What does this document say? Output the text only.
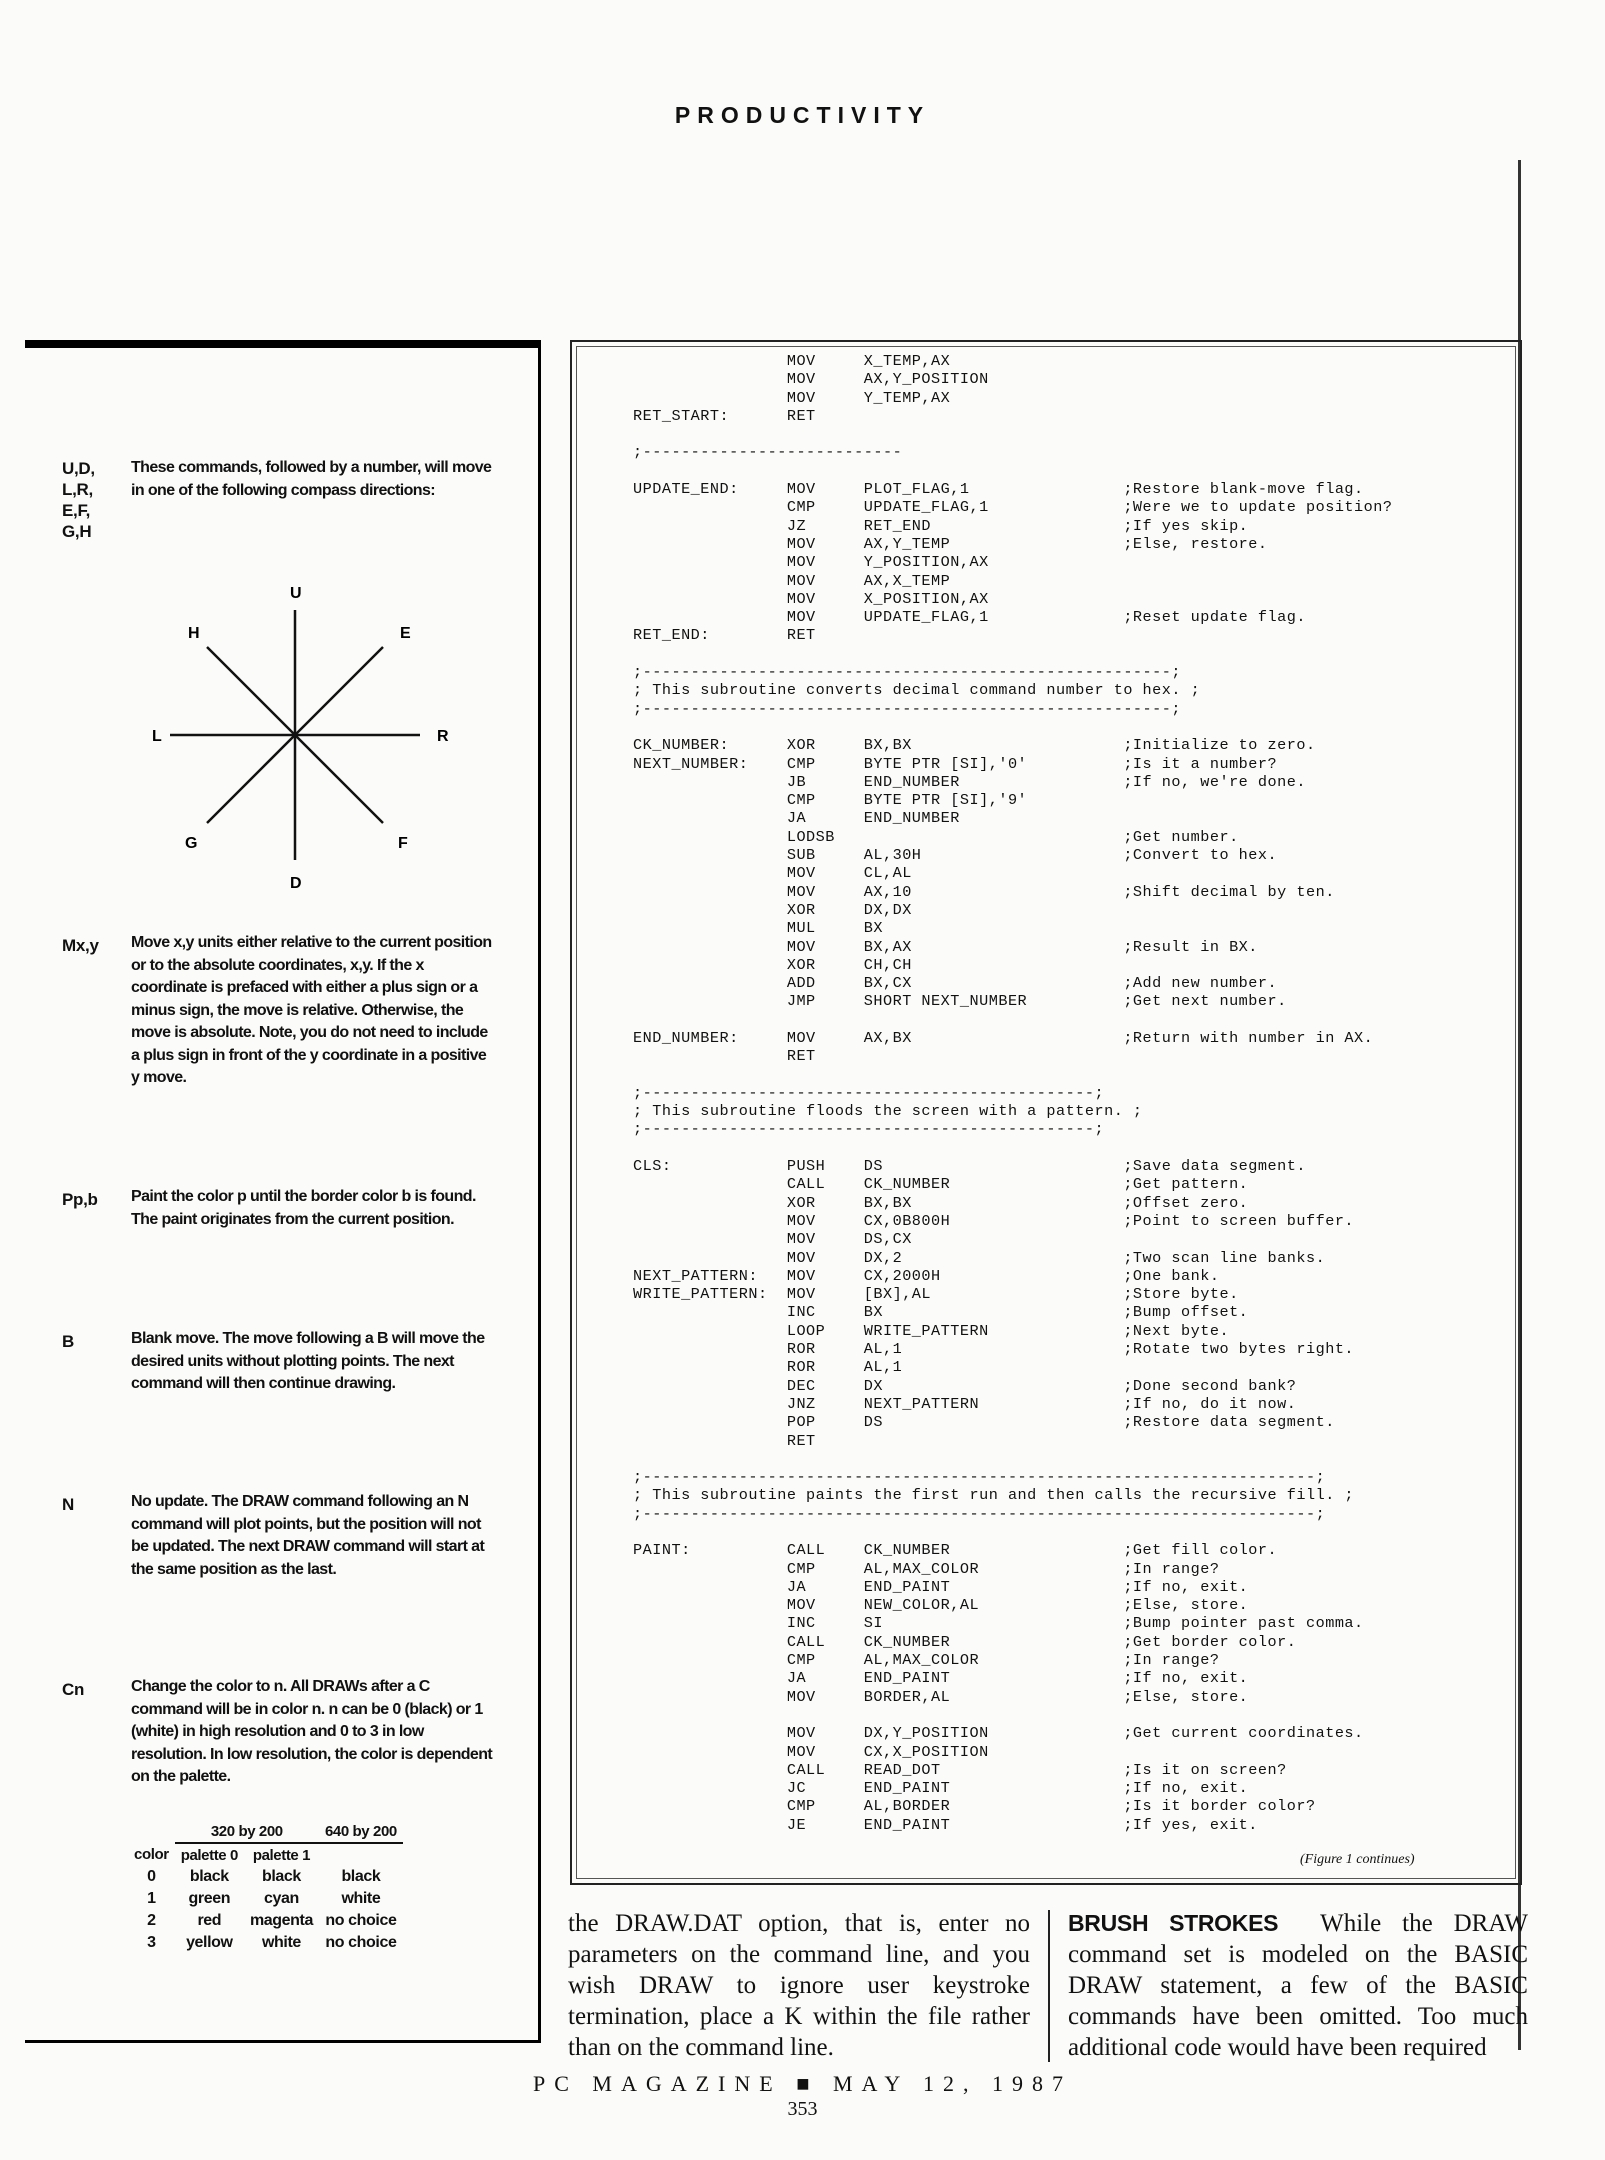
PRODUCTIVITY
U,D,
L,R,
E,F,
G,H
These commands, followed by a number, will move in one of the following compass directions:
U
E
R
F
D
G
L
H
Mx,y	Move x,y units either relative to the current position or to the absolute coordinates, x,y. If the x coordinate is prefaced with either a plus sign or a minus sign, the move is relative. Otherwise, the move is absolute. Note, you do not need to include a plus sign in front of the y coordinate in a positive y move.
Pp,b	Paint the color p until the border color b is found. The paint originates from the current position.
B	Blank move. The move following a B will move the desired units without plotting points. The next command will then continue drawing.
N	No update. The DRAW command following an N command will plot points, but the position will not be updated. The next DRAW command will start at the same position as the last.
Cn	Change the color to n. All DRAWs after a C command will be in color n. n can be 0 (black) or 1 (white) in high resolution and 0 to 3 in low resolution. In low resolution, the color is dependent on the palette.
	320 by 200		640 by 200
color	palette 0	palette 1	
0	black	black	black
1	green	cyan	white
2	red	magenta	no choice
3	yellow	white	no choice
MOV     X_TEMP,AX
MOV     AX,Y_POSITION
MOV     Y_TEMP,AX
RET_START:      RET

;---------------------------

UPDATE_END:     MOV     PLOT_FLAG,1                ;Restore blank-move flag.
CMP     UPDATE_FLAG,1              ;Were we to update position?
JZ      RET_END                    ;If yes skip.
MOV     AX,Y_TEMP                  ;Else, restore.
MOV     Y_POSITION,AX
MOV     AX,X_TEMP
MOV     X_POSITION,AX
MOV     UPDATE_FLAG,1              ;Reset update flag.
RET_END:        RET

;-------------------------------------------------------;
; This subroutine converts decimal command number to hex. ;
;-------------------------------------------------------;

CK_NUMBER:      XOR     BX,BX                      ;Initialize to zero.
NEXT_NUMBER:    CMP     BYTE PTR [SI],'0'          ;Is it a number?
JB      END_NUMBER                 ;If no, we're done.
CMP     BYTE PTR [SI],'9'
JA      END_NUMBER
LODSB                              ;Get number.
SUB     AL,30H                     ;Convert to hex.
MOV     CL,AL
MOV     AX,10                      ;Shift decimal by ten.
XOR     DX,DX
MUL     BX
MOV     BX,AX                      ;Result in BX.
XOR     CH,CH
ADD     BX,CX                      ;Add new number.
JMP     SHORT NEXT_NUMBER          ;Get next number.

END_NUMBER:     MOV     AX,BX                      ;Return with number in AX.
RET

;-----------------------------------------------;
; This subroutine floods the screen with a pattern. ;
;-----------------------------------------------;

CLS:            PUSH    DS                         ;Save data segment.
CALL    CK_NUMBER                  ;Get pattern.
XOR     BX,BX                      ;Offset zero.
MOV     CX,0B800H                  ;Point to screen buffer.
MOV     DS,CX
MOV     DX,2                       ;Two scan line banks.
NEXT_PATTERN:   MOV     CX,2000H                   ;One bank.
WRITE_PATTERN:  MOV     [BX],AL                    ;Store byte.
INC     BX                         ;Bump offset.
LOOP    WRITE_PATTERN              ;Next byte.
ROR     AL,1                       ;Rotate two bytes right.
ROR     AL,1
DEC     DX                         ;Done second bank?
JNZ     NEXT_PATTERN               ;If no, do it now.
POP     DS                         ;Restore data segment.
RET

;----------------------------------------------------------------------;
; This subroutine paints the first run and then calls the recursive fill. ;
;----------------------------------------------------------------------;

PAINT:          CALL    CK_NUMBER                  ;Get fill color.
CMP     AL,MAX_COLOR               ;In range?
JA      END_PAINT                  ;If no, exit.
MOV     NEW_COLOR,AL               ;Else, store.
INC     SI                         ;Bump pointer past comma.
CALL    CK_NUMBER                  ;Get border color.
CMP     AL,MAX_COLOR               ;In range?
JA      END_PAINT                  ;If no, exit.
MOV     BORDER,AL                  ;Else, store.

MOV     DX,Y_POSITION              ;Get current coordinates.
MOV     CX,X_POSITION
CALL    READ_DOT                   ;Is it on screen?
JC      END_PAINT                  ;If no, exit.
CMP     AL,BORDER                  ;Is it border color?
JE      END_PAINT                  ;If yes, exit.
(Figure 1 continues)
the DRAW.DAT option, that is, enter no parameters on the command line, and you wish DRAW to ignore user keystroke termination, place a K within the file rather than on the command line.
BRUSH STROKES While the DRAW command set is modeled on the BASIC DRAW statement, a few of the BASIC commands have been omitted. Too much additional code would have been required
PC MAGAZINE ■ MAY 12, 1987
353
